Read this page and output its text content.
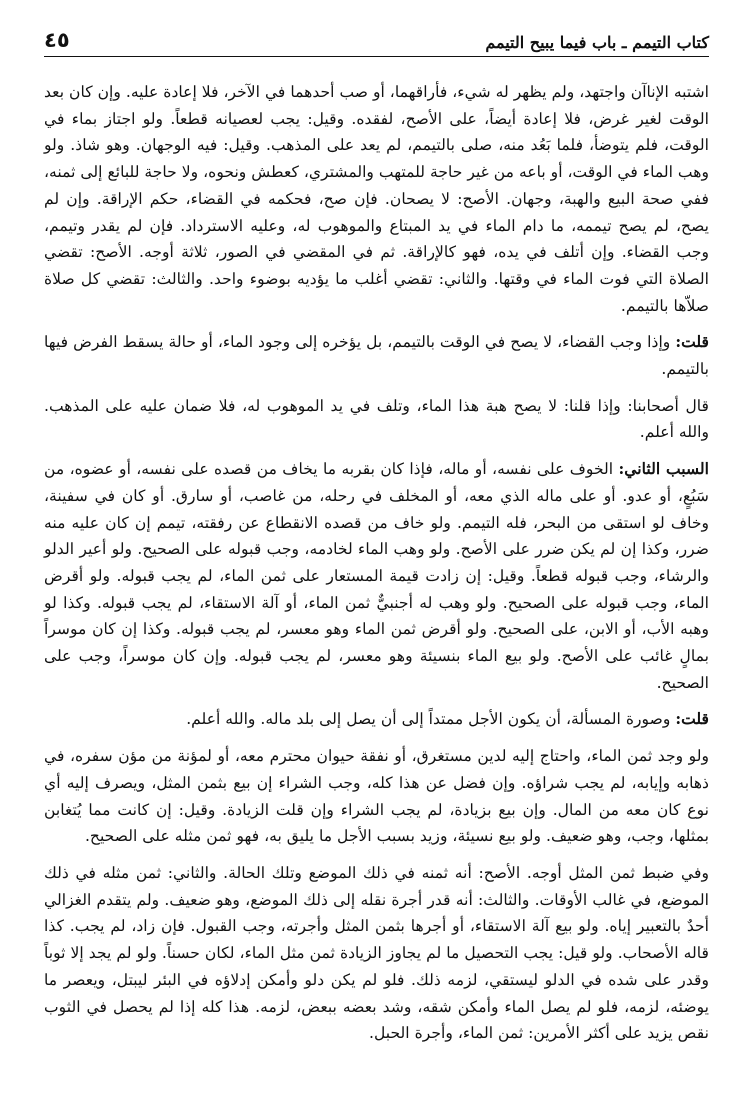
كتاب التيمم ـ باب فيما يبيح التيمم
٤٥

اشتبه الإناآن واجتهد، ولم يظهر له شيء، فأراقهما، أو صب أحدهما في الآخر، فلا إعادة عليه. وإن كان بعد الوقت لغير غرض، فلا إعادة أيضاً، على الأصح، لفقده. وقيل: يجب لعصيانه قطعاً. ولو اجتاز بماء في الوقت، فلم يتوضأ، فلما بَعُد منه، صلى بالتيمم، لم يعد على المذهب. وقيل: فيه الوجهان. وهو شاذ. ولو وهب الماء في الوقت، أو باعه من غير حاجة للمتهب والمشتري، كعطش ونحوه، ولا حاجة للبائع إلى ثمنه، ففي صحة البيع والهبة، وجهان. الأصح: لا يصحان. فإن صح، فحكمه في القضاء، حكم الإراقة. وإن لم يصح، لم يصح تيممه، ما دام الماء في يد المبتاع والموهوب له، وعليه الاسترداد. فإن لم يقدر وتيمم، وجب القضاء. وإن أتلف في يده، فهو كالإراقة. ثم في المقضي في الصور، ثلاثة أوجه. الأصح: تقضي الصلاة التي فوت الماء في وقتها. والثاني: تقضي أغلب ما يؤديه بوضوء واحد. والثالث: تقضي كل صلاة صلاّها بالتيمم.

قلت: وإذا وجب القضاء، لا يصح في الوقت بالتيمم، بل يؤخره إلى وجود الماء، أو حالة يسقط الفرض فيها بالتيمم.

قال أصحابنا: وإذا قلنا: لا يصح هبة هذا الماء، وتلف في يد الموهوب له، فلا ضمان عليه على المذهب. والله أعلم.

السبب الثاني: الخوف على نفسه، أو ماله، فإذا كان بقربه ما يخاف من قصده على نفسه، أو عضوه، من سَبُعٍ، أو عدو. أو على ماله الذي معه، أو المخلف في رحله، من غاصب، أو سارق. أو كان في سفينة، وخاف لو استقى من البحر، فله التيمم. ولو خاف من قصده الانقطاع عن رفقته، تيمم إن كان عليه منه ضرر، وكذا إن لم يكن ضرر على الأصح. ولو وهب الماء لخادمه، وجب قبوله على الصحيح. ولو أعير الدلو والرشاء، وجب قبوله قطعاً. وقيل: إن زادت قيمة المستعار على ثمن الماء، لم يجب قبوله. ولو أقرض الماء، وجب قبوله على الصحيح. ولو وهب له أجنبيٌّ ثمن الماء، أو آلة الاستقاء، لم يجب قبوله. وكذا لو وهبه الأب، أو الابن، على الصحيح. ولو أقرض ثمن الماء وهو معسر، لم يجب قبوله. وكذا إن كان موسراً بمالٍ غائب على الأصح. ولو بيع الماء بنسيئة وهو معسر، لم يجب قبوله. وإن كان موسراً، وجب على الصحيح.

قلت: وصورة المسألة، أن يكون الأجل ممتداً إلى أن يصل إلى بلد ماله. والله أعلم.

ولو وجد ثمن الماء، واحتاج إليه لدين مستغرق، أو نفقة حيوان محترم معه، أو لمؤنة من مؤن سفره، في ذهابه وإيابه، لم يجب شراؤه. وإن فضل عن هذا كله، وجب الشراء إن بيع بثمن المثل، ويصرف إليه أي نوع كان معه من المال. وإن بيع بزيادة، لم يجب الشراء وإن قلت الزيادة. وقيل: إن كانت مما يُتغابن بمثلها، وجب، وهو ضعيف. ولو بيع نسيئة، وزيد بسبب الأجل ما يليق به، فهو ثمن مثله على الصحيح.

وفي ضبط ثمن المثل أوجه. الأصح: أنه ثمنه في ذلك الموضع وتلك الحالة. والثاني: ثمن مثله في ذلك الموضع، في غالب الأوقات. والثالث: أنه قدر أجرة نقله إلى ذلك الموضع، وهو ضعيف. ولم يتقدم الغزالي أحدٌ بالتعبير إياه. ولو بيع آلة الاستقاء، أو أجرها بثمن المثل وأجرته، وجب القبول. فإن زاد، لم يجب. كذا قاله الأصحاب. ولو قيل: يجب التحصيل ما لم يجاوز الزيادة ثمن مثل الماء، لكان حسناً. ولو لم يجد إلا ثوباً وقدر على شده في الدلو ليستقي، لزمه ذلك. فلو لم يكن دلو وأمكن إدلاؤه في البئر ليبتل، ويعصر ما يوضئه، لزمه، فلو لم يصل الماء وأمكن شقه، وشد بعضه ببعض، لزمه. هذا كله إذا لم يحصل في الثوب نقص يزيد على أكثر الأمرين: ثمن الماء، وأجرة الحبل.
